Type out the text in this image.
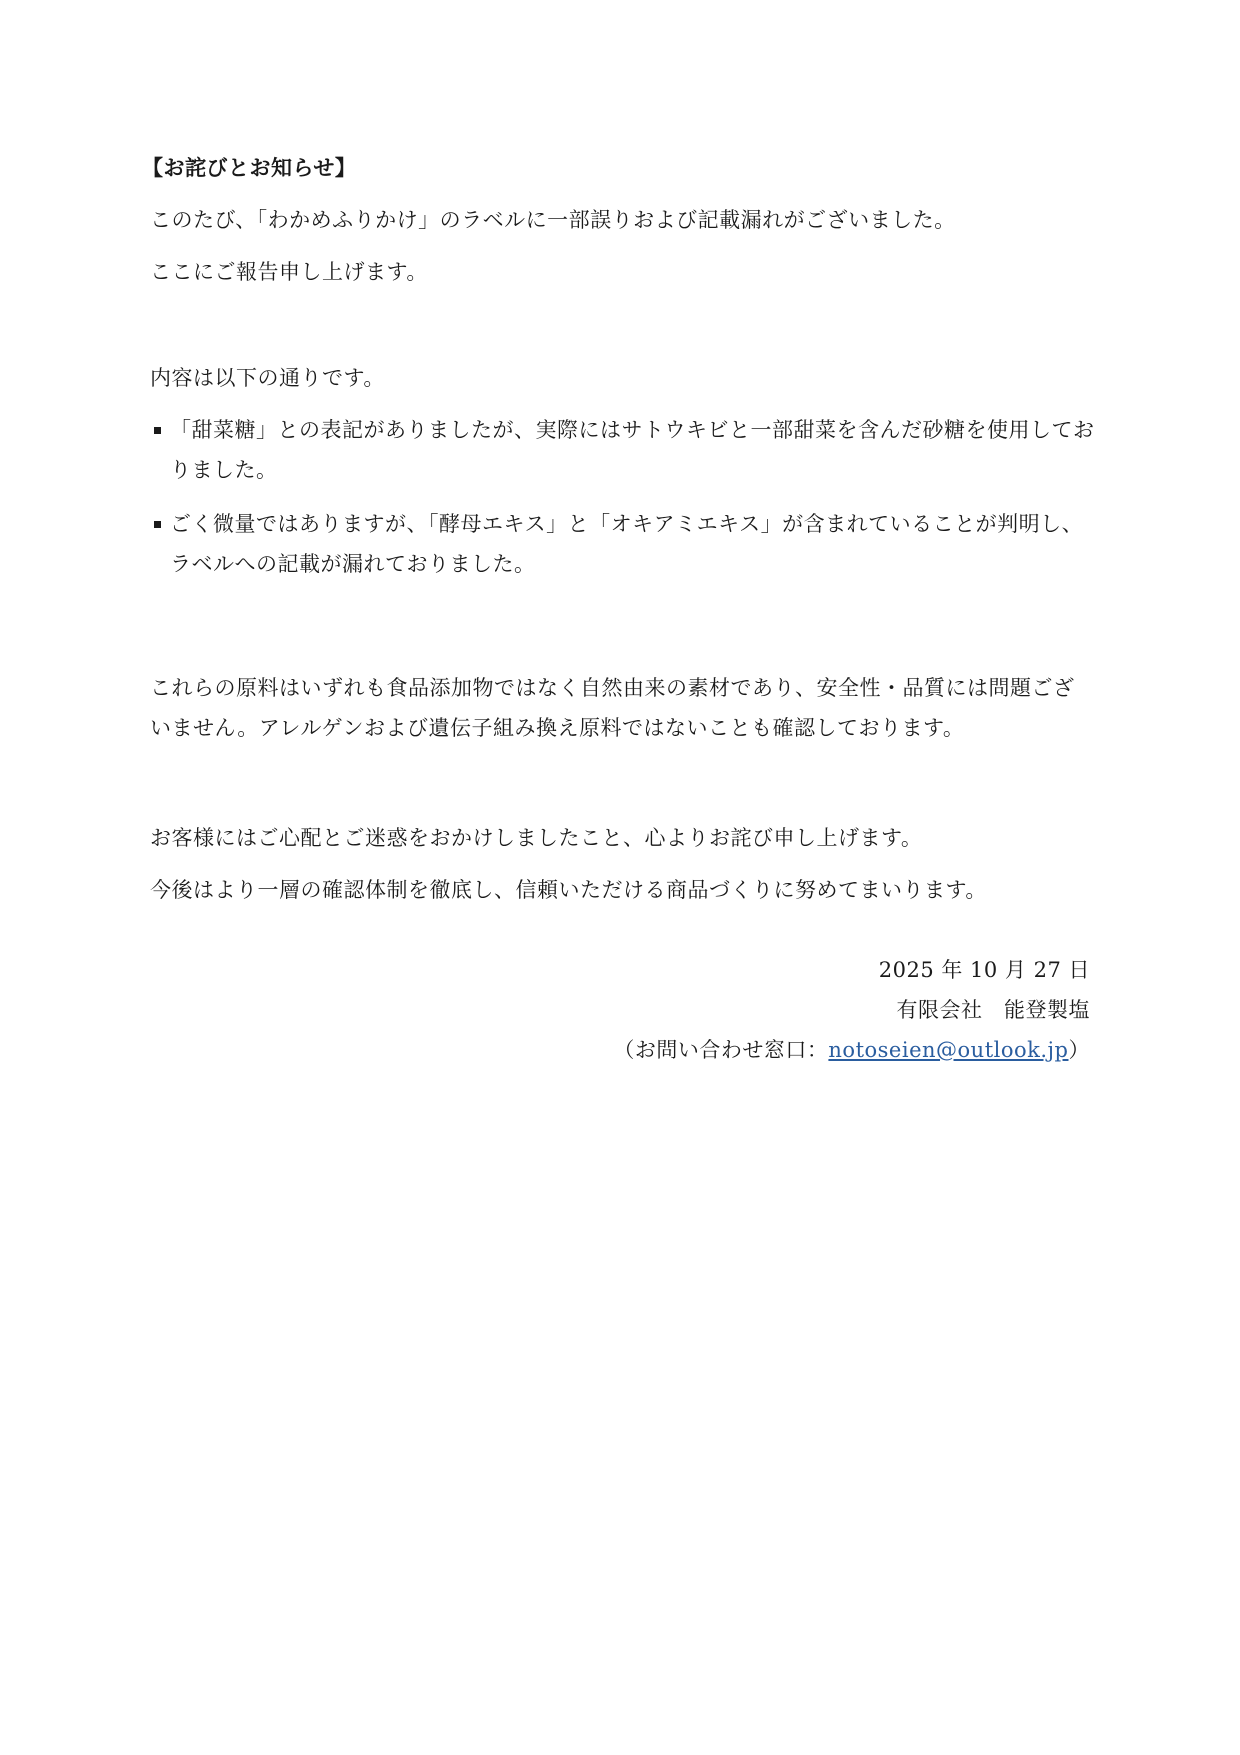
【お詫びとお知らせ】
このたび、「わかめふりかけ」のラベルに一部誤りおよび記載漏れがございました。
ここにご報告申し上げます。
内容は以下の通りです。
「甜菜糖」との表記がありましたが、実際にはサトウキビと一部甜菜を含んだ砂糖を使用しておりました。
ごく微量ではありますが、「酵母エキス」と「オキアミエキス」が含まれていることが判明し、ラベルへの記載が漏れておりました。

これらの原料はいずれも食品添加物ではなく自然由来の素材であり、安全性・品質には問題ございません。アレルゲンおよび遺伝子組み換え原料ではないことも確認しております。

お客様にはご心配とご迷惑をおかけしましたこと、心よりお詫び申し上げます。
今後はより一層の確認体制を徹底し、信頼いただける商品づくりに努めてまいります。
2025 年 10 月 27 日
有限会社　能登製塩
（お問い合わせ窓口：notoseien@outlook.jp）
